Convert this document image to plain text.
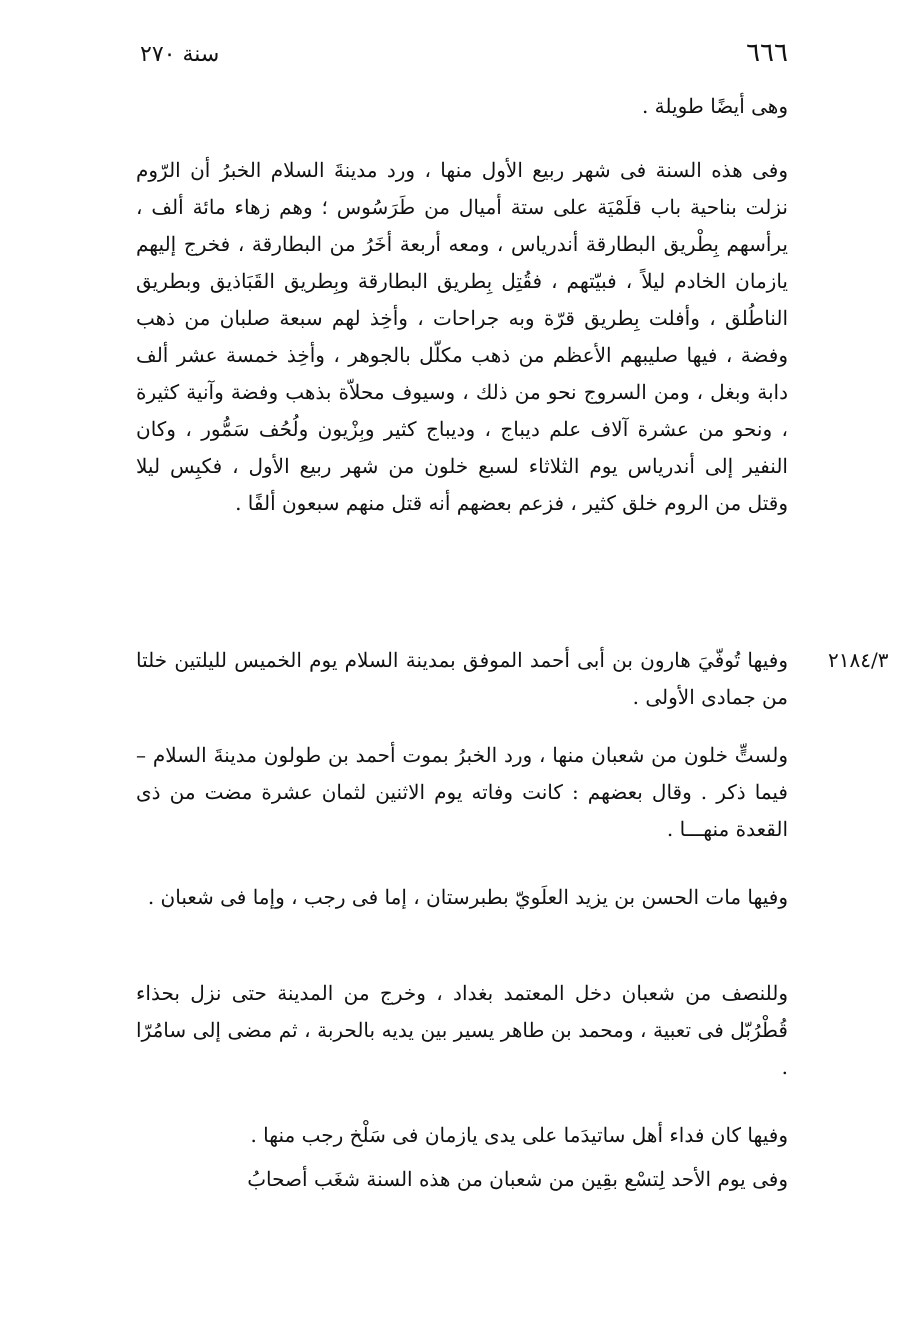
سنة ٢٧٠	٦٦٦
٢١٨٤/٣
وهى أيضًا طويلة .
وفى هذه السنة فى شهر ربيع الأول منها ، ورد مدينةَ السلام الخبرُ أن الرّوم نزلت بناحية باب قلَمْيَة على ستة أميال من طَرَسُوس ؛ وهم زهاء مائة ألف ، يرأسهم بِطْريق البطارقة أندرياس ، ومعه أربعة أخَرُ من البطارقة ، فخرج إليهم يازمان الخادم ليلاً ، فبيّتهم ، فقُتِل بِطريق البطارقة وبِطريق القَبَاذيق وبطريق الناطُلق ، وأفلت بِطريق قرّة وبه جراحات ، وأخِذ لهم سبعة صلبان من ذهب وفضة ، فيها صليبهم الأعظم من ذهب مكلّل بالجوهر ، وأخِذ خمسة عشر ألف دابة وبغل ، ومن السروج نحو من ذلك ، وسيوف محلاّة بذهب وفضة وآنية كثيرة ، ونحو من عشرة آلاف علم ديباج ، وديباج كثير وبِزْيون ولُحُف سَمُّور ، وكان النفير إلى أندرياس يوم الثلاثاء لسبع خلون من شهر ربيع الأول ، فكبِس ليلا وقتل من الروم خلق كثير ، فزعم بعضهم أنه قتل منهم سبعون ألفًا .
وفيها تُوفّيَ هارون بن أبى أحمد الموفق بمدينة السلام يوم الخميس لليلتين خلتا من جمادى الأولى .
ولستٍّ خلون من شعبان منها ، ورد الخبرُ بموت أحمد بن طولون مدينةَ السلام – فيما ذكر . وقال بعضهم : كانت وفاته يوم الاثنين لثمان عشرة مضت من ذى القعدة منهـــا .
وفيها مات الحسن بن يزيد العلَويّ بطبرستان ، إما فى رجب ، وإما فى شعبان .
وللنصف من شعبان دخل المعتمد بغداد ، وخرج من المدينة حتى نزل بحذاء قُطْرُبّل فى تعبية ، ومحمد بن طاهر يسير بين يديه بالحربة ، ثم مضى إلى سامُرّا .
وفيها كان فداء أهل ساتيدَما على يدى يازمان فى سَلْخ رجب منها .
وفى يوم الأحد لِتسْع بقِين من شعبان من هذه السنة شغَب أصحابُ
